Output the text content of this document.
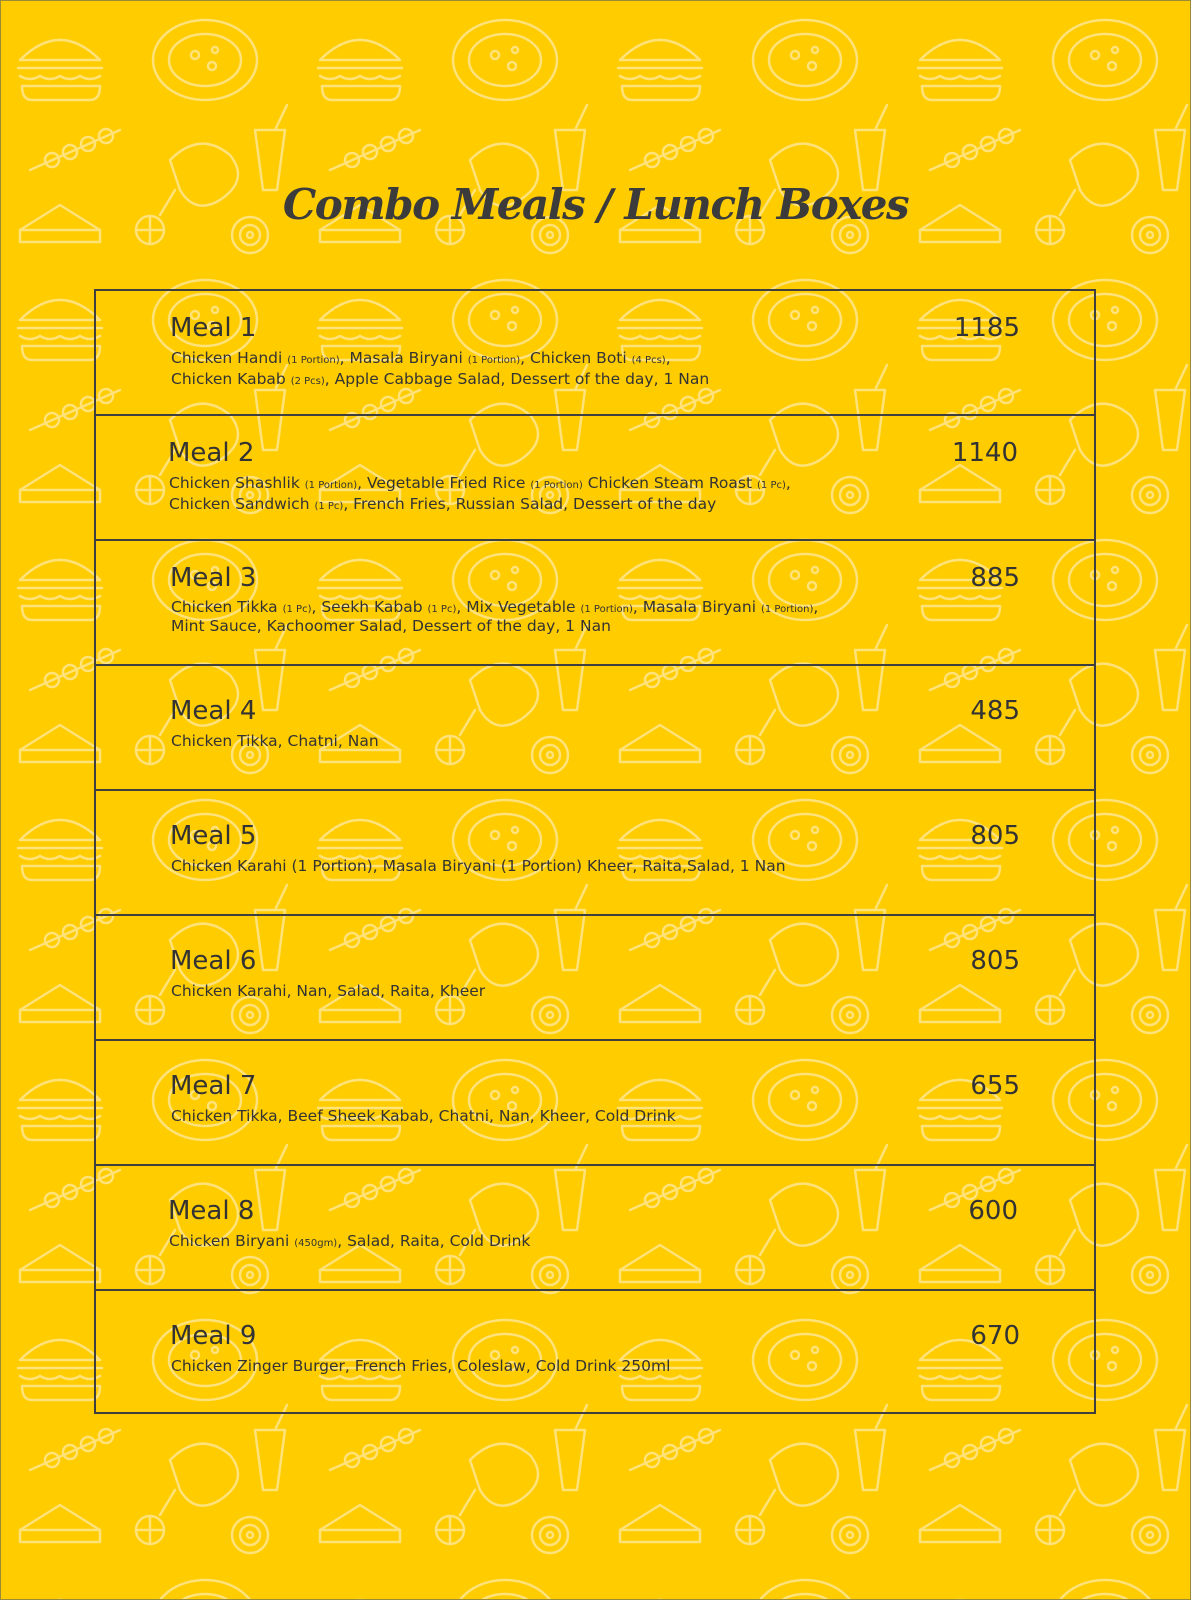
Combo Meals / Lunch Boxes
Meal 1	1185
Chicken Handi (1 Portion), Masala Biryani (1 Portion), Chicken Boti (4 Pcs),
Chicken Kabab (2 Pcs), Apple Cabbage Salad, Dessert of the day, 1 Nan
Meal 2	1140
Chicken Shashlik (1 Portion), Vegetable Fried Rice (1 Portion) Chicken Steam Roast (1 Pc),
Chicken Sandwich (1 Pc), French Fries, Russian Salad, Dessert of the day
Meal 3	885
Chicken Tikka (1 Pc), Seekh Kabab (1 Pc), Mix Vegetable (1 Portion), Masala Biryani (1 Portion),
Mint Sauce, Kachoomer Salad, Dessert of the day, 1 Nan
Meal 4	485
Chicken Tikka, Chatni, Nan
Meal 5	805
Chicken Karahi (1 Portion), Masala Biryani (1 Portion) Kheer, Raita,Salad, 1 Nan
Meal 6	805
Chicken Karahi, Nan, Salad, Raita, Kheer
Meal 7	655
Chicken Tikka, Beef Sheek Kabab, Chatni, Nan, Kheer, Cold Drink
Meal 8	600
Chicken Biryani (450gm), Salad, Raita, Cold Drink
Meal 9	670
Chicken Zinger Burger, French Fries, Coleslaw, Cold Drink 250ml
